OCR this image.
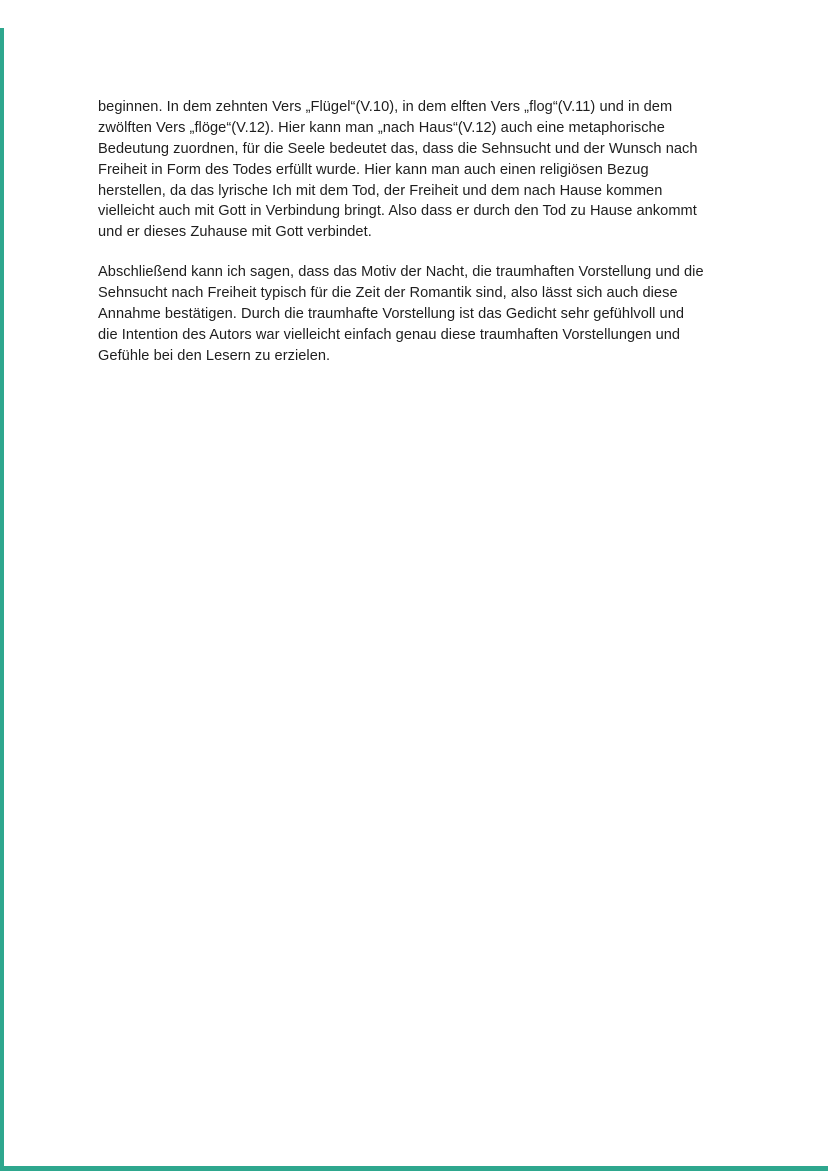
beginnen. In dem zehnten Vers „Flügel“(V.10), in dem elften Vers „flog“(V.11) und in dem
zwölften Vers „flöge“(V.12). Hier kann man „nach Haus“(V.12) auch eine metaphorische
Bedeutung zuordnen, für die Seele bedeutet das, dass die Sehnsucht und der Wunsch nach
Freiheit in Form des Todes erfüllt wurde. Hier kann man auch einen religiösen Bezug
herstellen, da das lyrische Ich mit dem Tod, der Freiheit und dem nach Hause kommen
vielleicht auch mit Gott in Verbindung bringt. Also dass er durch den Tod zu Hause ankommt
und er dieses Zuhause mit Gott verbindet.
Abschließend kann ich sagen, dass das Motiv der Nacht, die traumhaften Vorstellung und die
Sehnsucht nach Freiheit typisch für die Zeit der Romantik sind, also lässt sich auch diese
Annahme bestätigen. Durch die traumhafte Vorstellung ist das Gedicht sehr gefühlvoll und
die Intention des Autors war vielleicht einfach genau diese traumhaften Vorstellungen und
Gefühle bei den Lesern zu erzielen.
